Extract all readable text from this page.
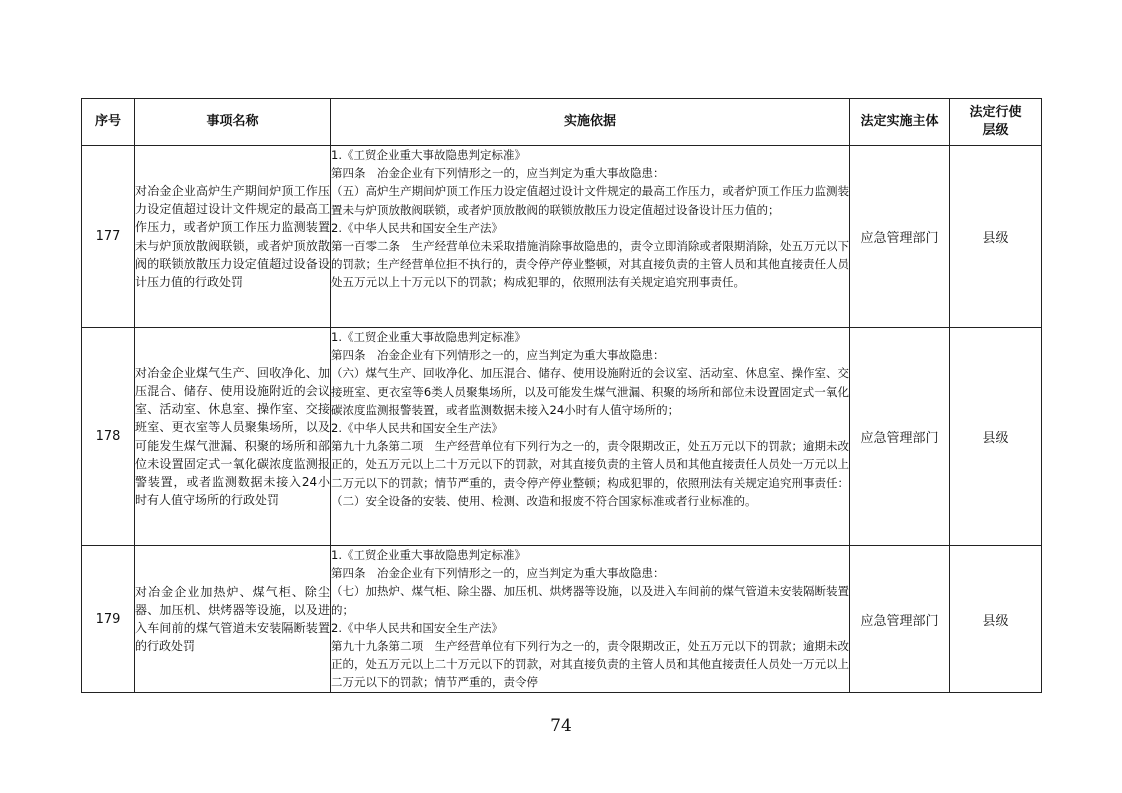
序号	事项名称	实施依据	法定实施主体	法定行使层级
177	对冶金企业高炉生产期间炉顶工作压力设定值超过设计文件规定的最高工作压力，或者炉顶工作压力监测装置未与炉顶放散阀联锁，或者炉顶放散阀的联锁放散压力设定值超过设备设计压力值的行政处罚	1.《工贸企业重大事故隐患判定标准》
第四条　冶金企业有下列情形之一的，应当判定为重大事故隐患：
（五）高炉生产期间炉顶工作压力设定值超过设计文件规定的最高工作压力，或者炉顶工作压力监测装置未与炉顶放散阀联锁，或者炉顶放散阀的联锁放散压力设定值超过设备设计压力值的；
2.《中华人民共和国安全生产法》
第一百零二条　生产经营单位未采取措施消除事故隐患的，责令立即消除或者限期消除，处五万元以下的罚款；生产经营单位拒不执行的，责令停产停业整顿，对其直接负责的主管人员和其他直接责任人员处五万元以上十万元以下的罚款；构成犯罪的，依照刑法有关规定追究刑事责任。	应急管理部门	县级
178	对冶金企业煤气生产、回收净化、加压混合、储存、使用设施附近的会议室、活动室、休息室、操作室、交接班室、更衣室等人员聚集场所，以及可能发生煤气泄漏、积聚的场所和部位未设置固定式一氧化碳浓度监测报警装置，或者监测数据未接入24小时有人值守场所的行政处罚	1.《工贸企业重大事故隐患判定标准》
第四条　冶金企业有下列情形之一的，应当判定为重大事故隐患：
（六）煤气生产、回收净化、加压混合、储存、使用设施附近的会议室、活动室、休息室、操作室、交接班室、更衣室等6类人员聚集场所，以及可能发生煤气泄漏、积聚的场所和部位未设置固定式一氧化碳浓度监测报警装置，或者监测数据未接入24小时有人值守场所的；
2.《中华人民共和国安全生产法》
第九十九条第二项　生产经营单位有下列行为之一的，责令限期改正，处五万元以下的罚款；逾期未改正的，处五万元以上二十万元以下的罚款，对其直接负责的主管人员和其他直接责任人员处一万元以上二万元以下的罚款；情节严重的，责令停产停业整顿；构成犯罪的，依照刑法有关规定追究刑事责任：（二）安全设备的安装、使用、检测、改造和报废不符合国家标准或者行业标准的。	应急管理部门	县级
179	对冶金企业加热炉、煤气柜、除尘器、加压机、烘烤器等设施，以及进入车间前的煤气管道未安装隔断装置的行政处罚	1.《工贸企业重大事故隐患判定标准》
第四条　冶金企业有下列情形之一的，应当判定为重大事故隐患：
（七）加热炉、煤气柜、除尘器、加压机、烘烤器等设施，以及进入车间前的煤气管道未安装隔断装置的；
2.《中华人民共和国安全生产法》
第九十九条第二项　生产经营单位有下列行为之一的，责令限期改正，处五万元以下的罚款；逾期未改正的，处五万元以上二十万元以下的罚款，对其直接负责的主管人员和其他直接责任人员处一万元以上二万元以下的罚款；情节严重的，责令停	应急管理部门	县级
74
